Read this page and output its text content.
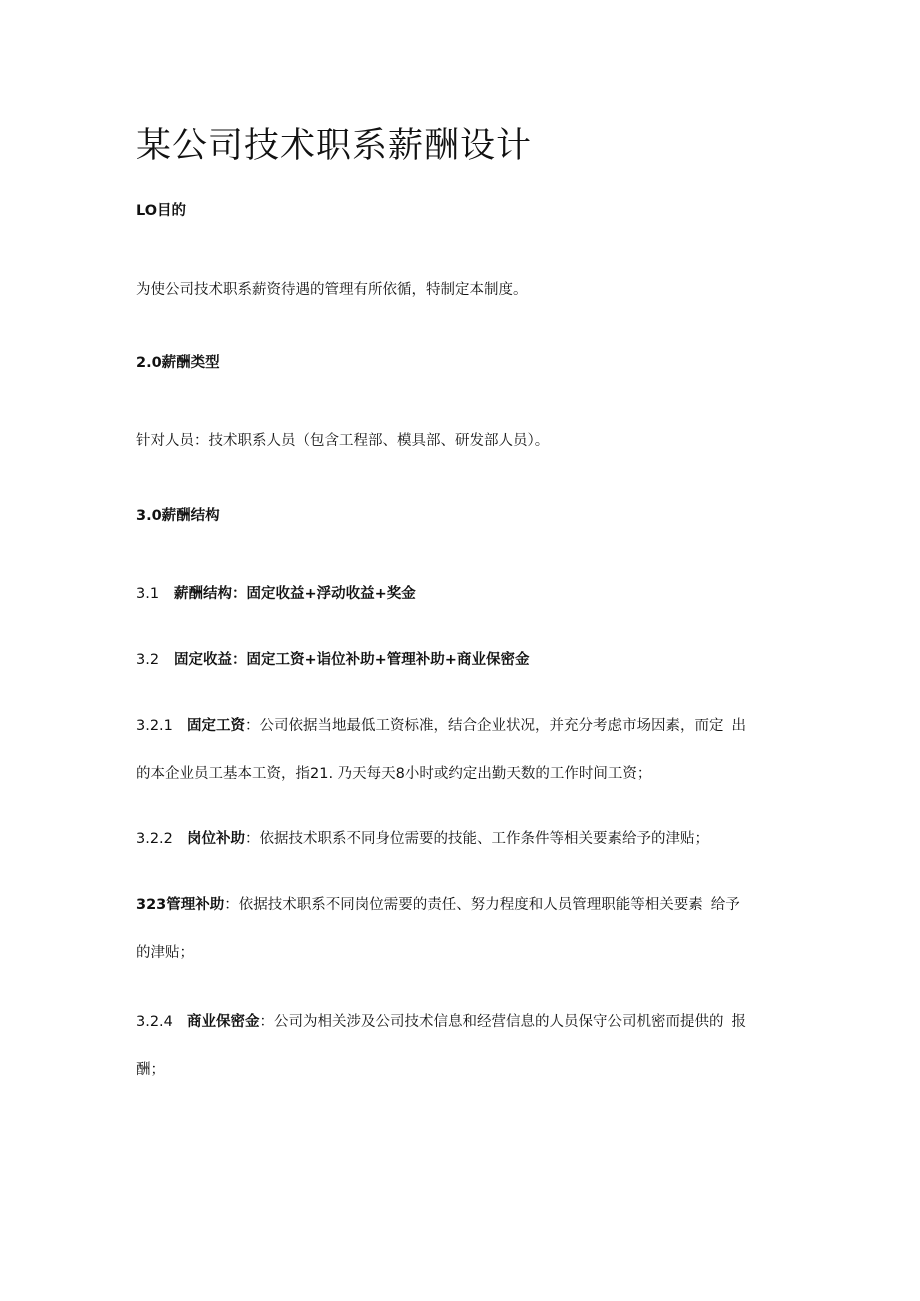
某公司技术职系薪酬设计
LO目的
为使公司技术职系薪资待遇的管理有所依循，特制定本制度。
2.0薪酬类型
针对人员：技术职系人员（包含工程部、模具部、研发部人员）。
3.0薪酬结构
3.1 薪酬结构：固定收益+浮动收益+奖金
3.2 固定收益：固定工资+诣位补助+管理补助+商业保密金
3.2.1 固定工资：公司依据当地最低工资标准，结合企业状况，并充分考虑市场因素，而定 出
的本企业员工基本工资，指21. 乃天每天8小时或约定出勤天数的工作时间工资；
3.2.2 岗位补助：依据技术职系不同身位需要的技能、工作条件等相关要素给予的津贴；
323管理补助：依据技术职系不同岗位需要的责任、努力程度和人员管理职能等相关要素 给予
的津贴；
3.2.4 商业保密金：公司为相关涉及公司技术信息和经营信息的人员保守公司机密而提供的 报
酬；
